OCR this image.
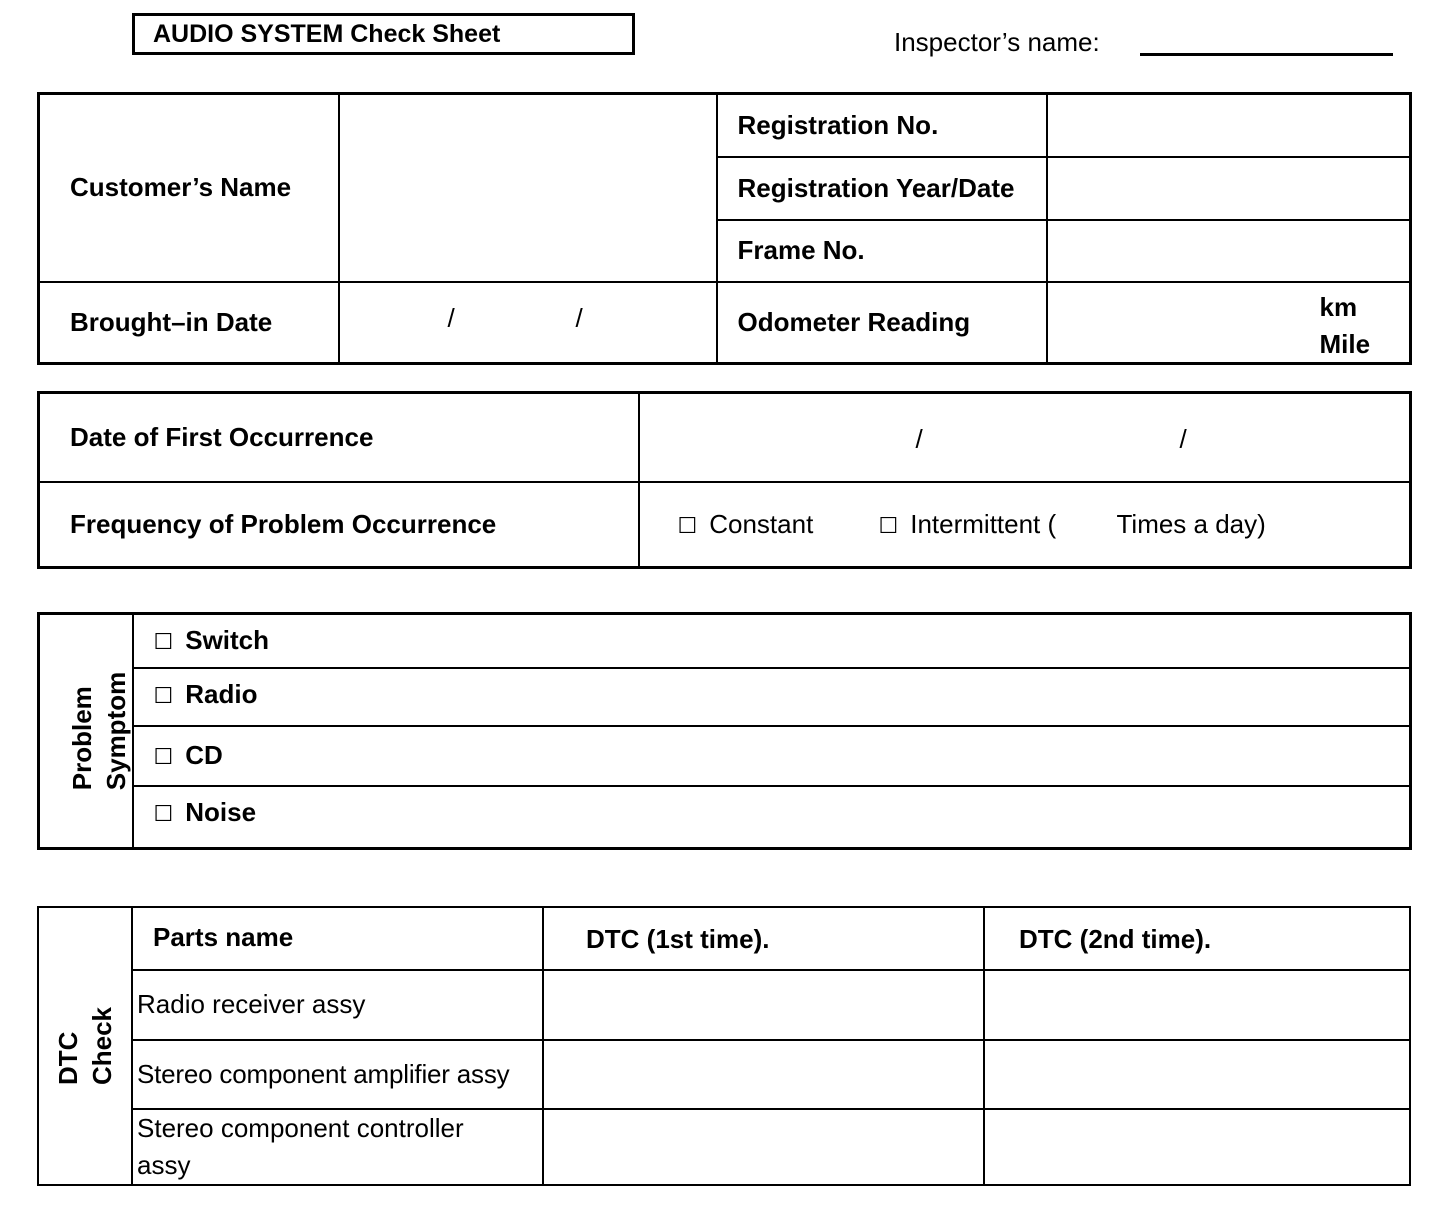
AUDIO SYSTEM Check Sheet	Inspector’s name:
Customer’s Name		Registration No.	
		Registration Year/Date	
		Frame No.	
Brought–in Date	/ /	Odometer Reading	km
Mile
Date of First Occurrence	/ /

Frequency of Problem Occurrence	☐ Constant ☐ Intermittent ( Times a day)
Problem Symptom	☐ Switch
☐ Radio
☐ CD
☐ Noise
DTC Check	Parts name	DTC (1st time).	DTC (2nd time).
	Radio receiver assy		
	Stereo component amplifier assy		
	Stereo component controller assy		
